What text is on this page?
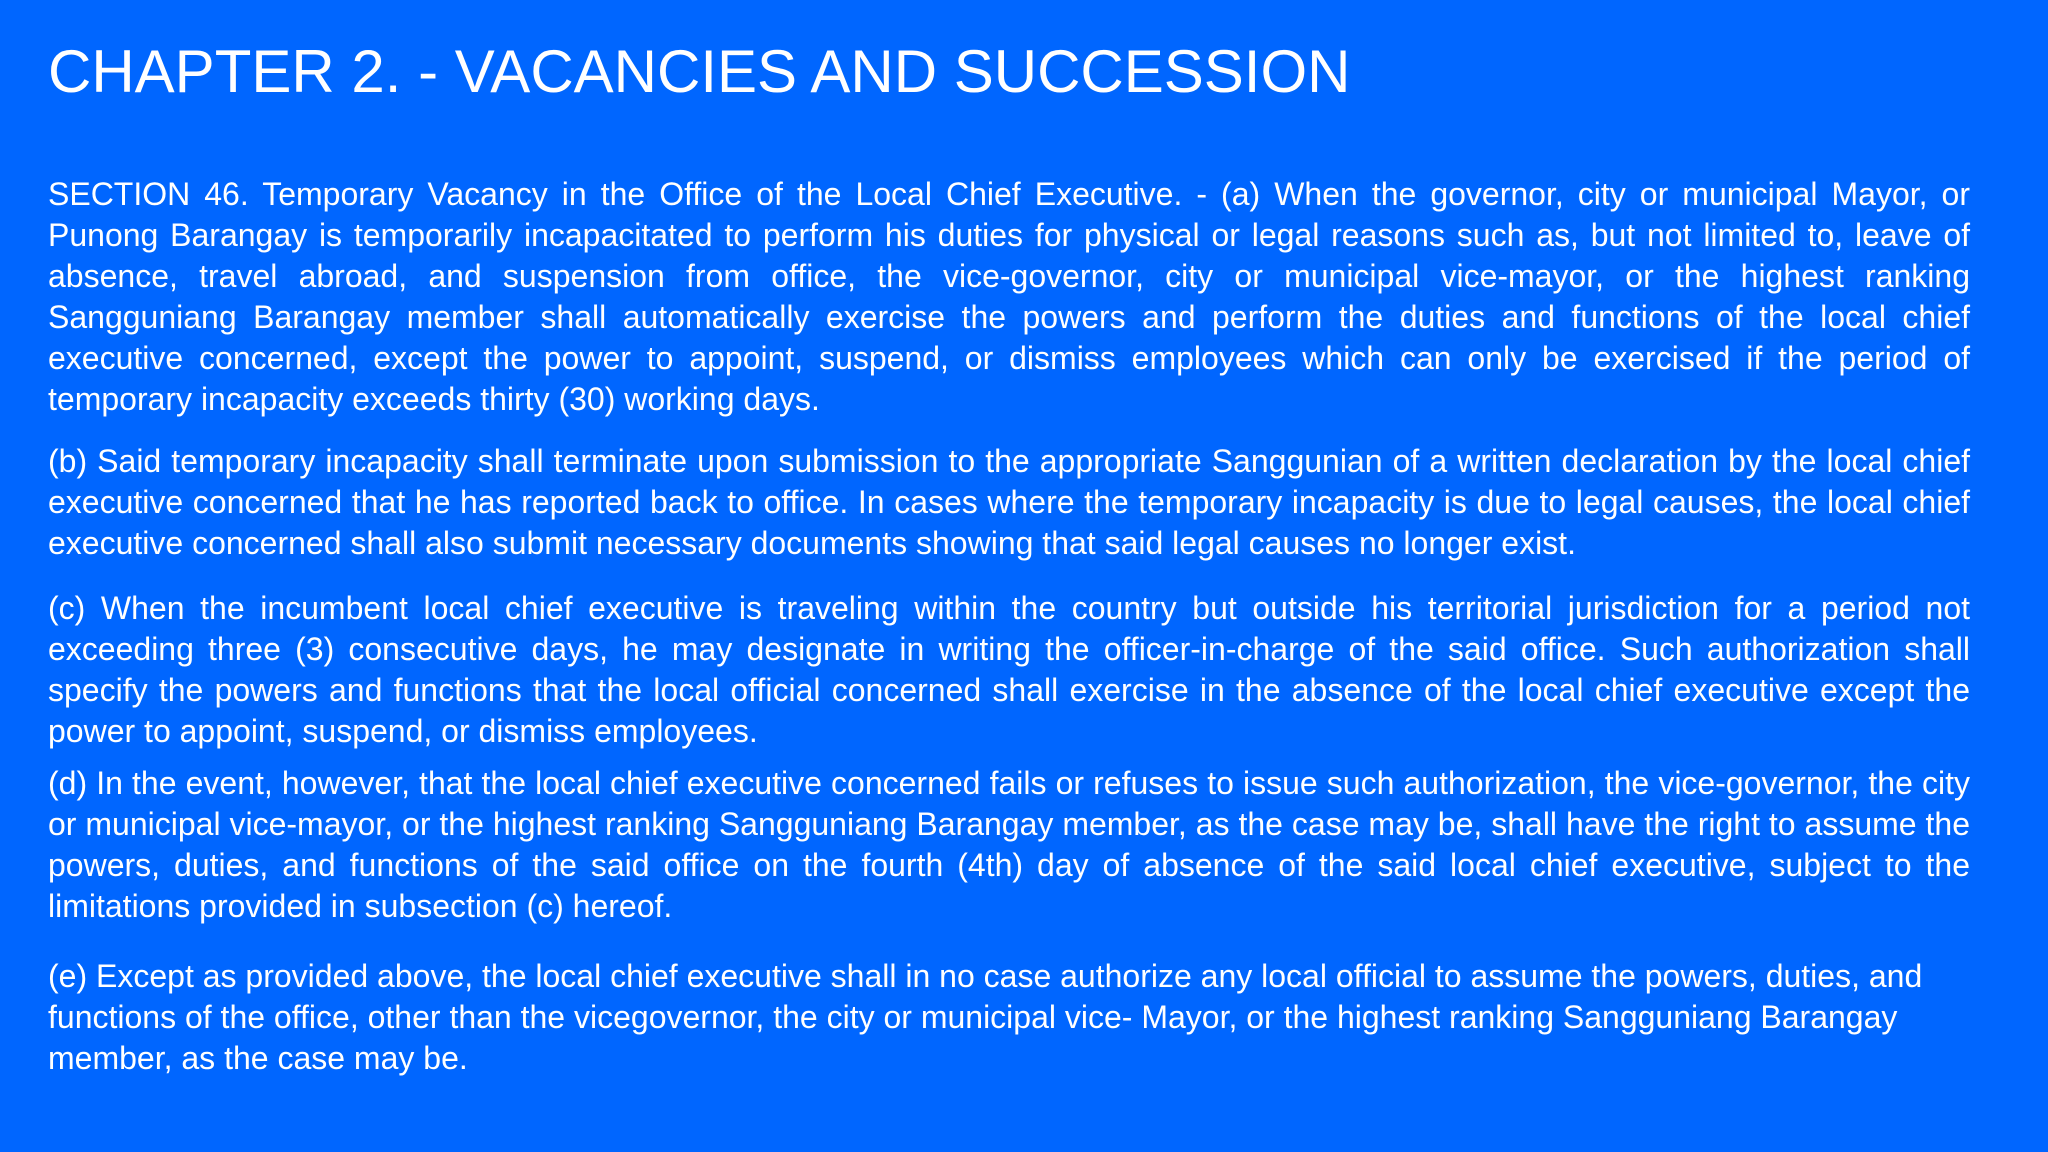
CHAPTER 2. - VACANCIES AND SUCCESSION

SECTION 46. Temporary Vacancy in the Office of the Local Chief Executive. - (a) When the governor, city or municipal Mayor, or Punong Barangay is temporarily incapacitated to perform his duties for physical or legal reasons such as, but not limited to, leave of absence, travel abroad, and suspension from office, the vice-governor, city or municipal vice-mayor, or the highest ranking Sangguniang Barangay member shall automatically exercise the powers and perform the duties and functions of the local chief executive concerned, except the power to appoint, suspend, or dismiss employees which can only be exercised if the period of temporary incapacity exceeds thirty (30) working days.

(b) Said temporary incapacity shall terminate upon submission to the appropriate Sanggunian of a written declaration by the local chief executive concerned that he has reported back to office. In cases where the temporary incapacity is due to legal causes, the local chief executive concerned shall also submit necessary documents showing that said legal causes no longer exist.

(c) When the incumbent local chief executive is traveling within the country but outside his territorial jurisdiction for a period not exceeding three (3) consecutive days, he may designate in writing the officer-in-charge of the said office. Such authorization shall specify the powers and functions that the local official concerned shall exercise in the absence of the local chief executive except the power to appoint, suspend, or dismiss employees.

(d) In the event, however, that the local chief executive concerned fails or refuses to issue such authorization, the vice-governor, the city or municipal vice-mayor, or the highest ranking Sangguniang Barangay member, as the case may be, shall have the right to assume the powers, duties, and functions of the said office on the fourth (4th) day of absence of the said local chief executive, subject to the limitations provided in subsection (c) hereof.

(e) Except as provided above, the local chief executive shall in no case authorize any local official to assume the powers, duties, and functions of the office, other than the vicegovernor, the city or municipal vice- Mayor, or the highest ranking Sangguniang Barangay member, as the case may be.
